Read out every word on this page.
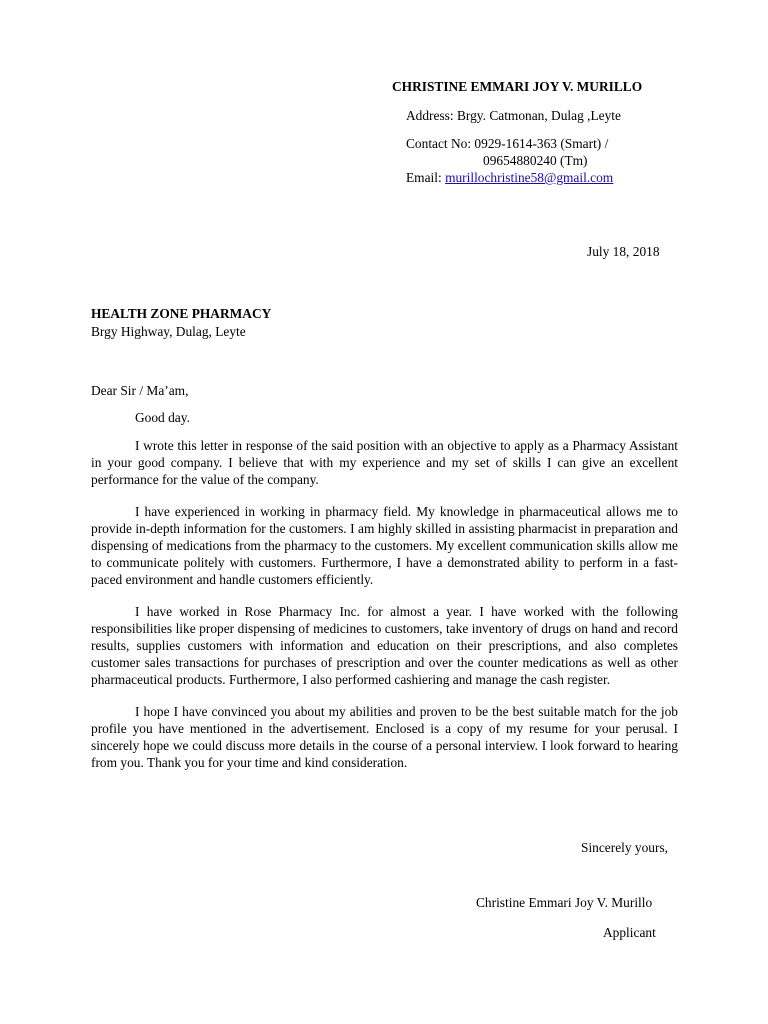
CHRISTINE EMMARI JOY V. MURILLO
Address: Brgy. Catmonan, Dulag ,Leyte
Contact No: 0929-1614-363 (Smart) /
09654880240 (Tm)
Email: murillochristine58@gmail.com
July 18, 2018
HEALTH ZONE PHARMACY
Brgy Highway, Dulag, Leyte
Dear Sir / Ma’am,
Good day.

I wrote this letter in response of the said position with an objective to apply as a Pharmacy Assistant in your good company. I believe that with my experience and my set of skills I can give an excellent performance for the value of the company.

I have experienced in working in pharmacy field. My knowledge in pharmaceutical allows me to provide in-depth information for the customers. I am highly skilled in assisting pharmacist in preparation and dispensing of medications from the pharmacy to the customers. My excellent communication skills allow me to communicate politely with customers. Furthermore, I have a demonstrated ability to perform in a fast-paced environment and handle customers efficiently.

I have worked in Rose Pharmacy Inc. for almost a year. I have worked with the following responsibilities like proper dispensing of medicines to customers, take inventory of drugs on hand and record results, supplies customers with information and education on their prescriptions, and also completes customer sales transactions for purchases of prescription and over the counter medications as well as other pharmaceutical products. Furthermore, I also performed cashiering and manage the cash register.

I hope I have convinced you about my abilities and proven to be the best suitable match for the job profile you have mentioned in the advertisement. Enclosed is a copy of my resume for your perusal. I sincerely hope we could discuss more details in the course of a personal interview. I look forward to hearing from you. Thank you for your time and kind consideration.

Sincerely yours,
Christine Emmari Joy V. Murillo
Applicant
